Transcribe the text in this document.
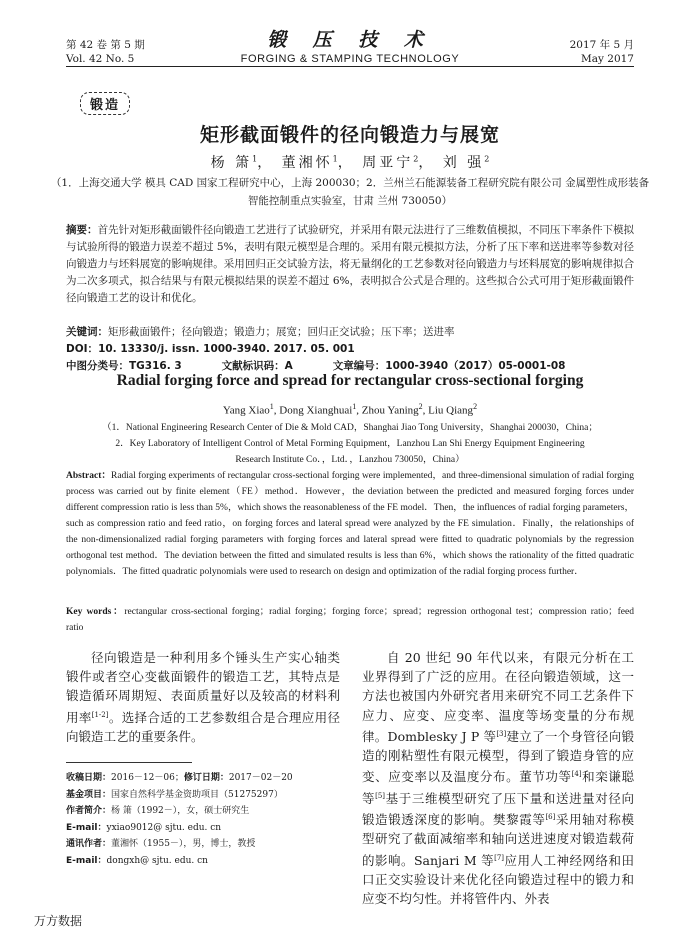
第 42 卷 第 5 期
Vol. 42 No. 5
锻 压 技 术
FORGING & STAMPING TECHNOLOGY
2017 年 5 月
May 2017
锻造
矩形截面锻件的径向锻造力与展宽
杨 箫$^1$， 董湘怀$^1$， 周亚宁$^2$， 刘 强$^2$
（1．上海交通大学 模具 CAD 国家工程研究中心，上海 200030；2．兰州兰石能源装备工程研究院有限公司 金属塑性成形装备
智能控制重点实验室，甘肃 兰州 730050）
摘要：首先针对矩形截面锻件径向锻造工艺进行了试验研究，并采用有限元法进行了三维数值模拟，不同压下率条件下模拟与试验所得的锻造力误差不超过 5%，表明有限元模型是合理的。采用有限元模拟方法，分析了压下率和送进率等参数对径向锻造力与坯料展宽的影响规律。采用回归正交试验方法，将无量纲化的工艺参数对径向锻造力与坯料展宽的影响规律拟合为二次多项式，拟合结果与有限元模拟结果的误差不超过 6%，表明拟合公式是合理的。这些拟合公式可用于矩形截面锻件径向锻造工艺的设计和优化。
关键词：矩形截面锻件；径向锻造；锻造力；展宽；回归正交试验；压下率；送进率
DOI：10. 13330/j. issn. 1000-3940. 2017. 05. 001
中图分类号：TG316. 3	文献标识码：A	文章编号：1000-3940（2017）05-0001-08
Radial forging force and spread for rectangular cross-sectional forging
Yang Xiao$^1$, Dong Xianghuai$^1$, Zhou Yaning$^2$, Liu Qiang$^2$
（1．National Engineering Research Center of Die & Mold CAD，Shanghai Jiao Tong University，Shanghai 200030，China；
2．Key Laboratory of Intelligent Control of Metal Forming Equipment，Lanzhou Lan Shi Energy Equipment Engineering
Research Institute Co．，Ltd．，Lanzhou 730050，China）
Abstract：Radial forging experiments of rectangular cross-sectional forging were implemented，and three-dimensional simulation of radial forging process was carried out by finite element（FE）method．However，the deviation between the predicted and measured forging forces under different compression ratio is less than 5%，which shows the reasonableness of the FE model．Then，the influences of radial forging parameters，such as compression ratio and feed ratio，on forging forces and lateral spread were analyzed by the FE simulation．Finally，the relationships of the non-dimensionalized radial forging parameters with forging forces and lateral spread were fitted to quadratic polynomials by the regression orthogonal test method．The deviation between the fitted and simulated results is less than 6%，which shows the rationality of the fitted quadratic polynomials．The fitted quadratic polynomials were used to research on design and optimization of the radial forging process further．
Key words：rectangular cross-sectional forging；radial forging；forging force；spread；regression orthogonal test；compression ratio；feed ratio

径向锻造是一种利用多个锤头生产实心轴类锻件或者空心变截面锻件的锻造工艺，其特点是锻造循环周期短、表面质量好以及较高的材料利用率[1-2]。选择合适的工艺参数组合是合理应用径向锻造工艺的重要条件。

自 20 世纪 90 年代以来，有限元分析在工业界得到了广泛的应用。在径向锻造领域，这一方法也被国内外研究者用来研究不同工艺条件下应力、应变、应变率、温度等场变量的分布规律。Domblesky J P 等[3]建立了一个身管径向锻造的刚粘塑性有限元模型，得到了锻造身管的应变、应变率以及温度分布。董节功等[4]和栾谦聪等[5]基于三维模型研究了压下量和送进量对径向锻造锻透深度的影响。樊黎霞等[6]采用轴对称模型研究了截面减缩率和轴向送进速度对锻造载荷的影响。Sanjari M 等[7]应用人工神经网络和田口正交实验设计来优化径向锻造过程中的锻力和应变不均匀性。并将管件内、外表

收稿日期：2016－12－06；修订日期：2017－02－20
基金项目：国家自然科学基金资助项目（51275297）
作者简介：杨 箫（1992－），女，硕士研究生
E-mail：yxiao9012@ sjtu. edu. cn
通讯作者：董湘怀（1955－），男，博士，教授
E-mail：dongxh@ sjtu. edu. cn
万方数据
